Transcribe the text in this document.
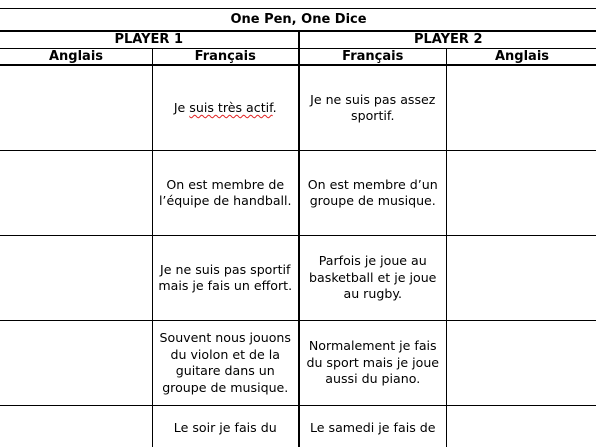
One Pen, One Dice			
PLAYER 1		PLAYER 2	
Anglais	Français	Français	Anglais
	Je suis très actif.	Je ne suis pas assez sportif.	
	On est membre de l’équipe de handball.	On est membre d’un groupe de musique.	
	Je ne suis pas sportif mais je fais un effort.	Parfois je joue au basketball et je joue au rugby.	
	Souvent nous jouons du violon et de la guitare dans un groupe de musique.	Normalement je fais du sport mais je joue aussi du piano.	
	Le soir je fais du	Le samedi je fais de	
